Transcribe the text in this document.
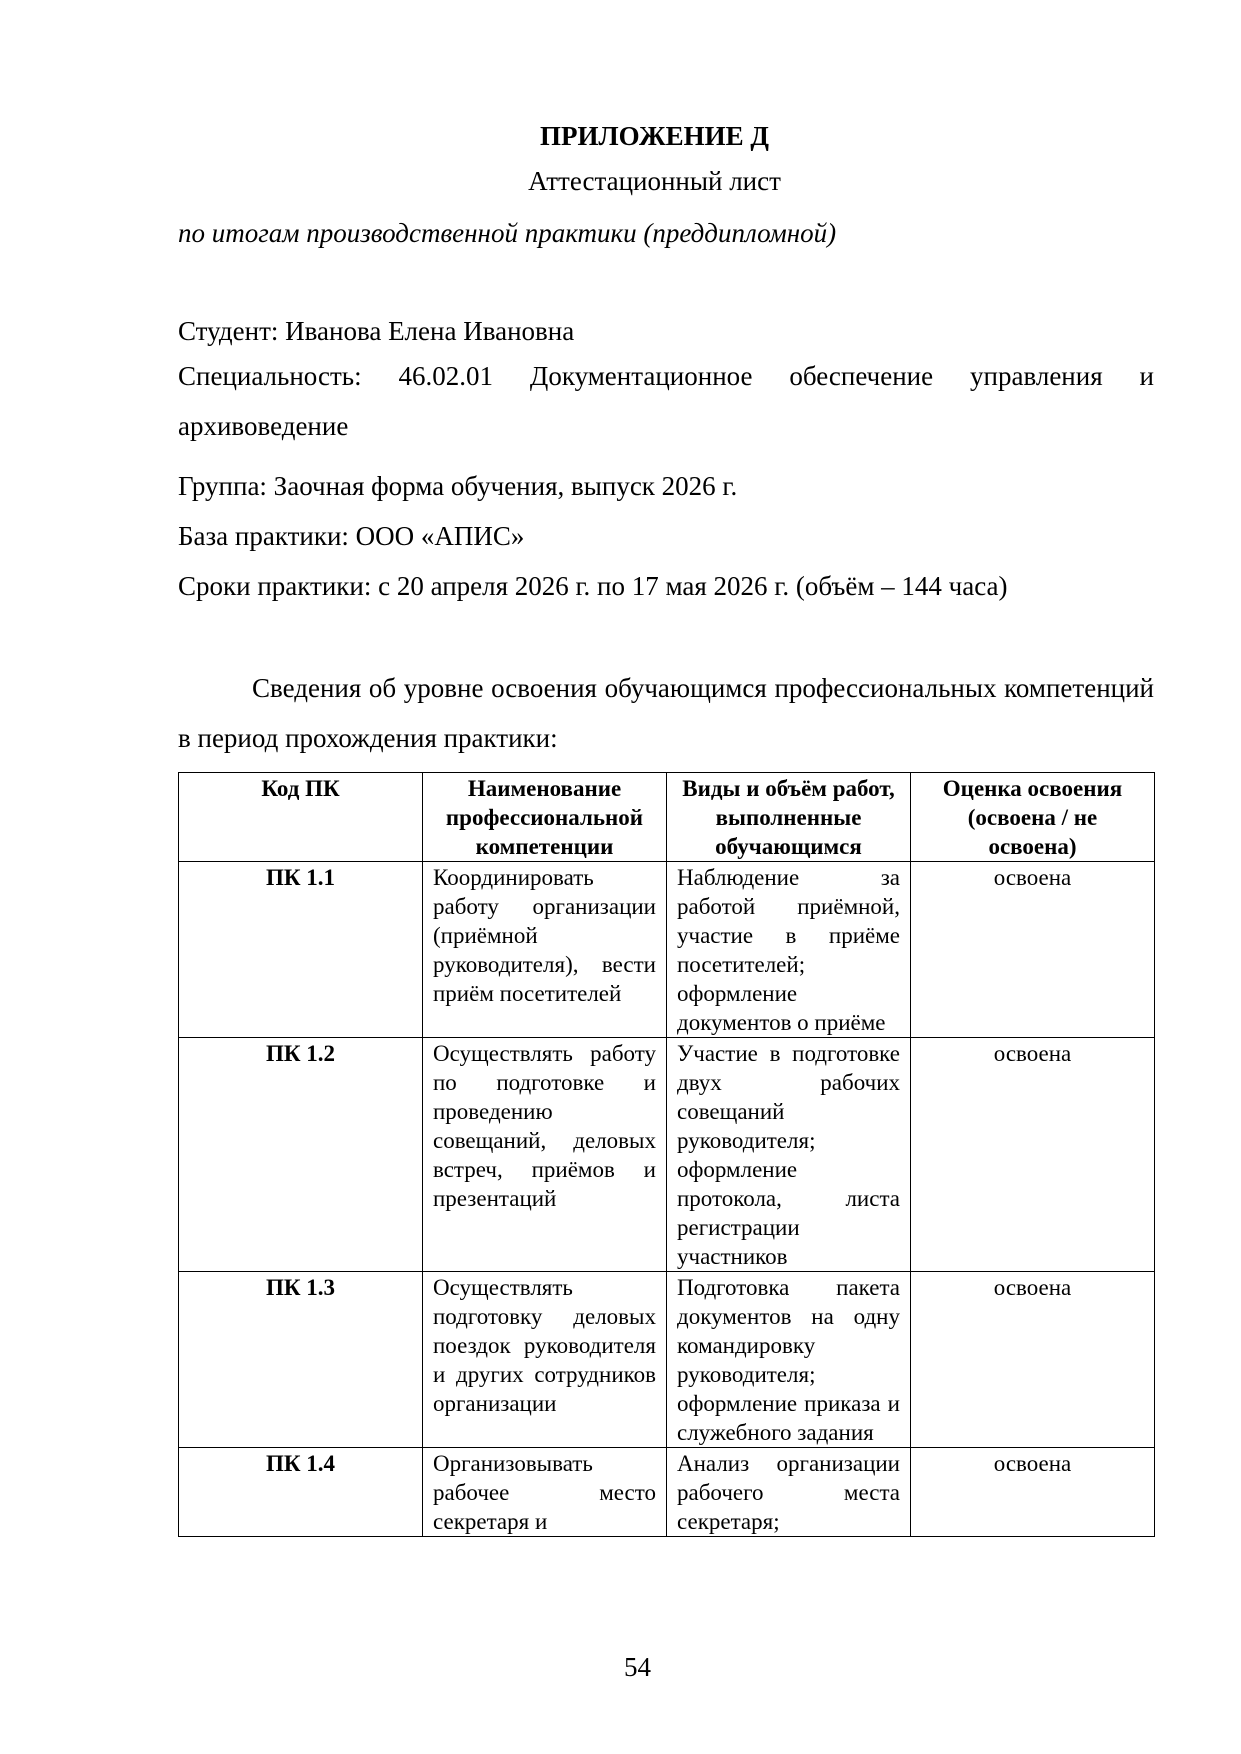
ПРИЛОЖЕНИЕ Д

Аттестационный лист

по итогам производственной практики (преддипломной)

Студент: Иванова Елена Ивановна

Специальность: 46.02.01 Документационное обеспечение управления и

архивоведение

Группа: Заочная форма обучения, выпуск 2026 г.

База практики: ООО «АПИС»

Сроки практики: с 20 апреля 2026 г. по 17 мая 2026 г. (объём – 144 часа)

Сведения об уровне освоения обучающимся профессиональных компетенций в период прохождения практики:

Код ПК	Наименование профессиональной компетенции	Виды и объём работ, выполненные обучающимся	Оценка освоения (освоена / не освоена)
ПК 1.1	Координировать работу организации (приёмной руководителя), вести приём посетителей	Наблюдение за работой приёмной, участие в приёме посетителей; оформление документов о приёме	освоена
ПК 1.2	Осуществлять работу по подготовке и проведению совещаний, деловых встреч, приёмов и презентаций	Участие в подготовке двух рабочих совещаний руководителя; оформление протокола, листа регистрации участников	освоена
ПК 1.3	Осуществлять подготовку деловых поездок руководителя и других сотрудников организации	Подготовка пакета документов на одну командировку руководителя; оформление приказа и служебного задания	освоена
ПК 1.4	Организовывать рабочее место секретаря и	Анализ организации рабочего места секретаря;	освоена
54
